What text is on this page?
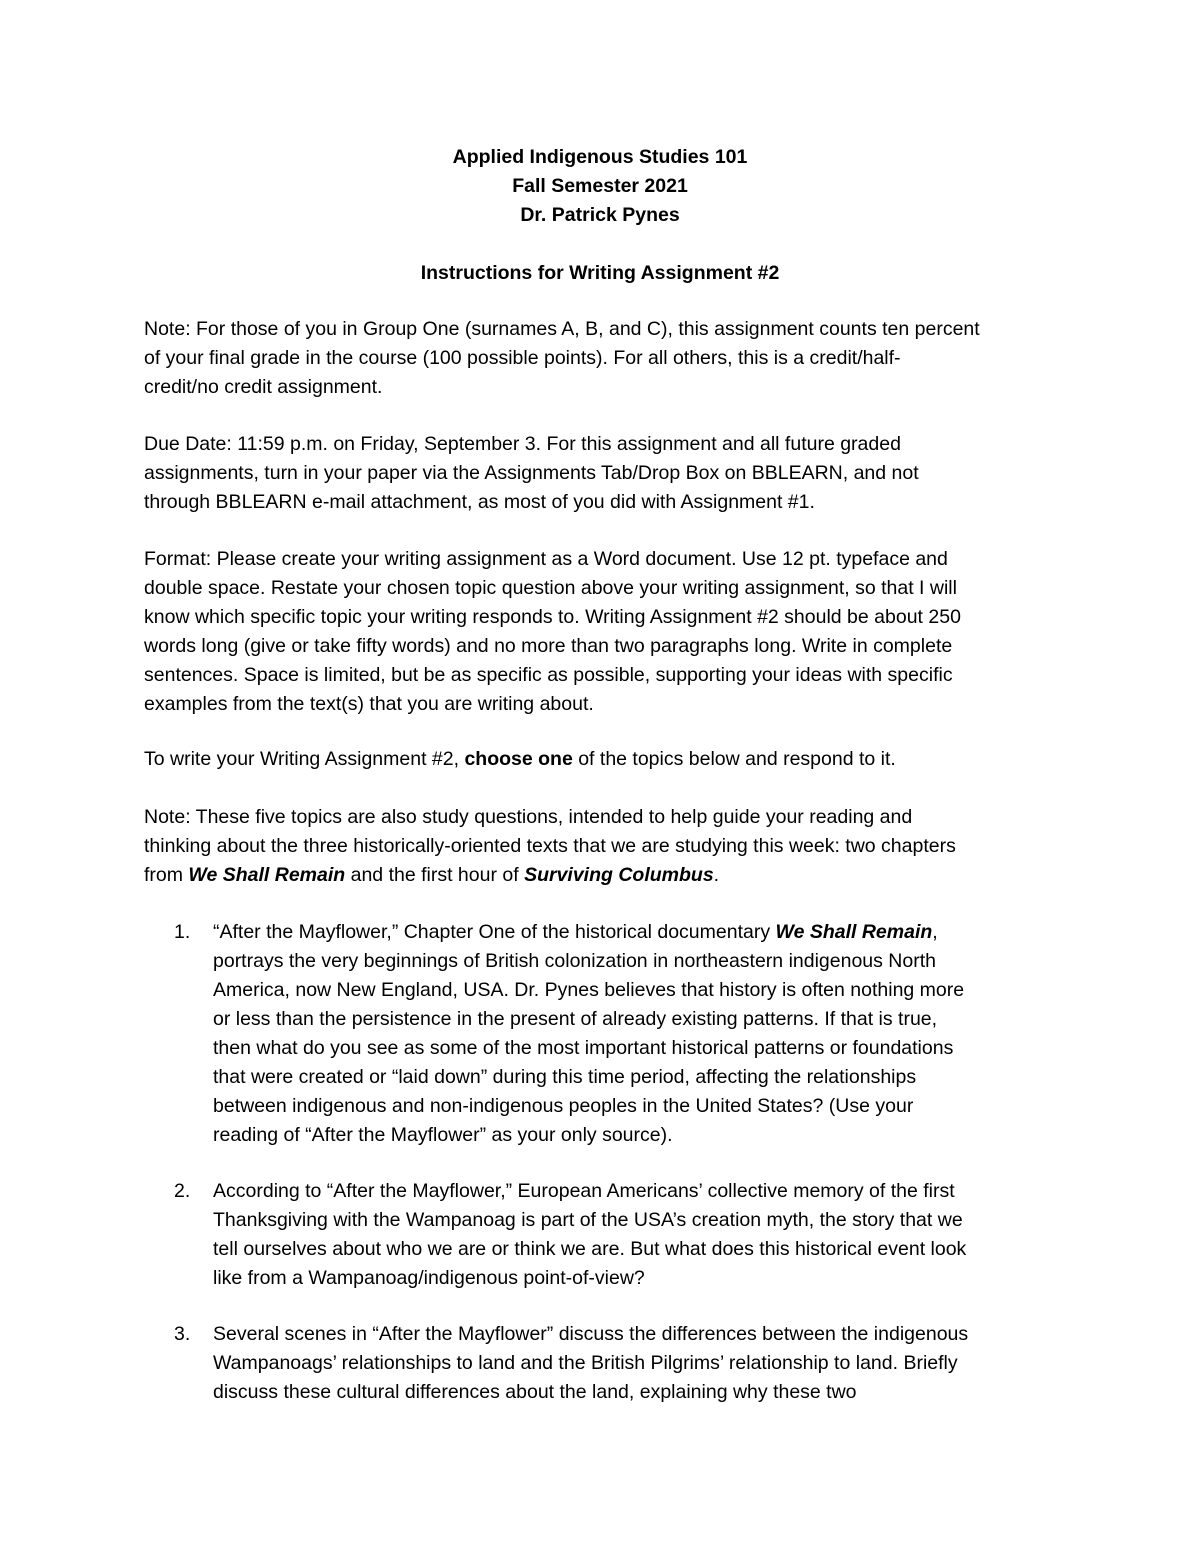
Applied Indigenous Studies 101
Fall Semester 2021
Dr. Patrick Pynes
Instructions for Writing Assignment #2
Note: For those of you in Group One (surnames A, B, and C), this assignment counts ten percent
of your final grade in the course (100 possible points). For all others, this is a credit/half-
credit/no credit assignment.
Due Date: 11:59 p.m. on Friday, September 3. For this assignment and all future graded
assignments, turn in your paper via the Assignments Tab/Drop Box on BBLEARN, and not
through BBLEARN e-mail attachment, as most of you did with Assignment #1.
Format: Please create your writing assignment as a Word document. Use 12 pt. typeface and
double space. Restate your chosen topic question above your writing assignment, so that I will
know which specific topic your writing responds to. Writing Assignment #2 should be about 250
words long (give or take fifty words) and no more than two paragraphs long. Write in complete
sentences. Space is limited, but be as specific as possible, supporting your ideas with specific
examples from the text(s) that you are writing about.
To write your Writing Assignment #2, choose one of the topics below and respond to it.
Note: These five topics are also study questions, intended to help guide your reading and
thinking about the three historically-oriented texts that we are studying this week: two chapters
from We Shall Remain and the first hour of Surviving Columbus.
1.	“After the Mayflower,” Chapter One of the historical documentary We Shall Remain,
portrays the very beginnings of British colonization in northeastern indigenous North
America, now New England, USA. Dr. Pynes believes that history is often nothing more
or less than the persistence in the present of already existing patterns. If that is true,
then what do you see as some of the most important historical patterns or foundations
that were created or “laid down” during this time period, affecting the relationships
between indigenous and non-indigenous peoples in the United States? (Use your
reading of “After the Mayflower” as your only source).
2.	According to “After the Mayflower,” European Americans’ collective memory of the first
Thanksgiving with the Wampanoag is part of the USA’s creation myth, the story that we
tell ourselves about who we are or think we are. But what does this historical event look
like from a Wampanoag/indigenous point-of-view?
3.	Several scenes in “After the Mayflower” discuss the differences between the indigenous
Wampanoags’ relationships to land and the British Pilgrims’ relationship to land. Briefly
discuss these cultural differences about the land, explaining why these two
